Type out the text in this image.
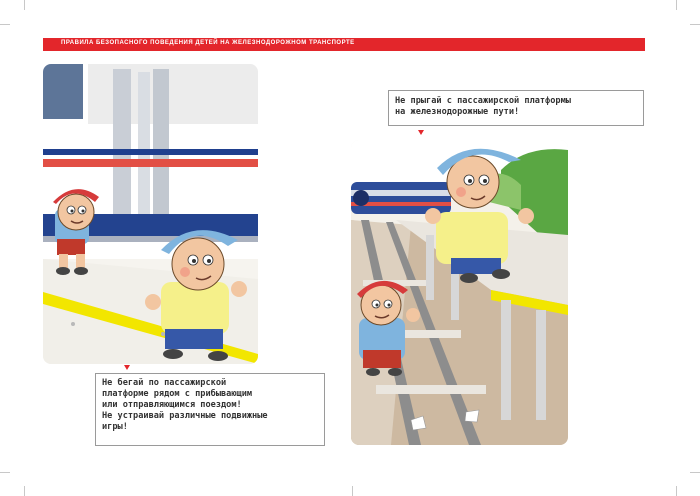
ПРАВИЛА БЕЗОПАСНОГО ПОВЕДЕНИЯ ДЕТЕЙ НА ЖЕЛЕЗНОДОРОЖНОМ ТРАНСПОРТЕ
Не бегай по пассажирской
платформе рядом с прибывающим
или отправляющимся поездом!
Не устраивай различные подвижные
игры!
Не прыгай с пассажирской платформы
на железнодорожные пути!
